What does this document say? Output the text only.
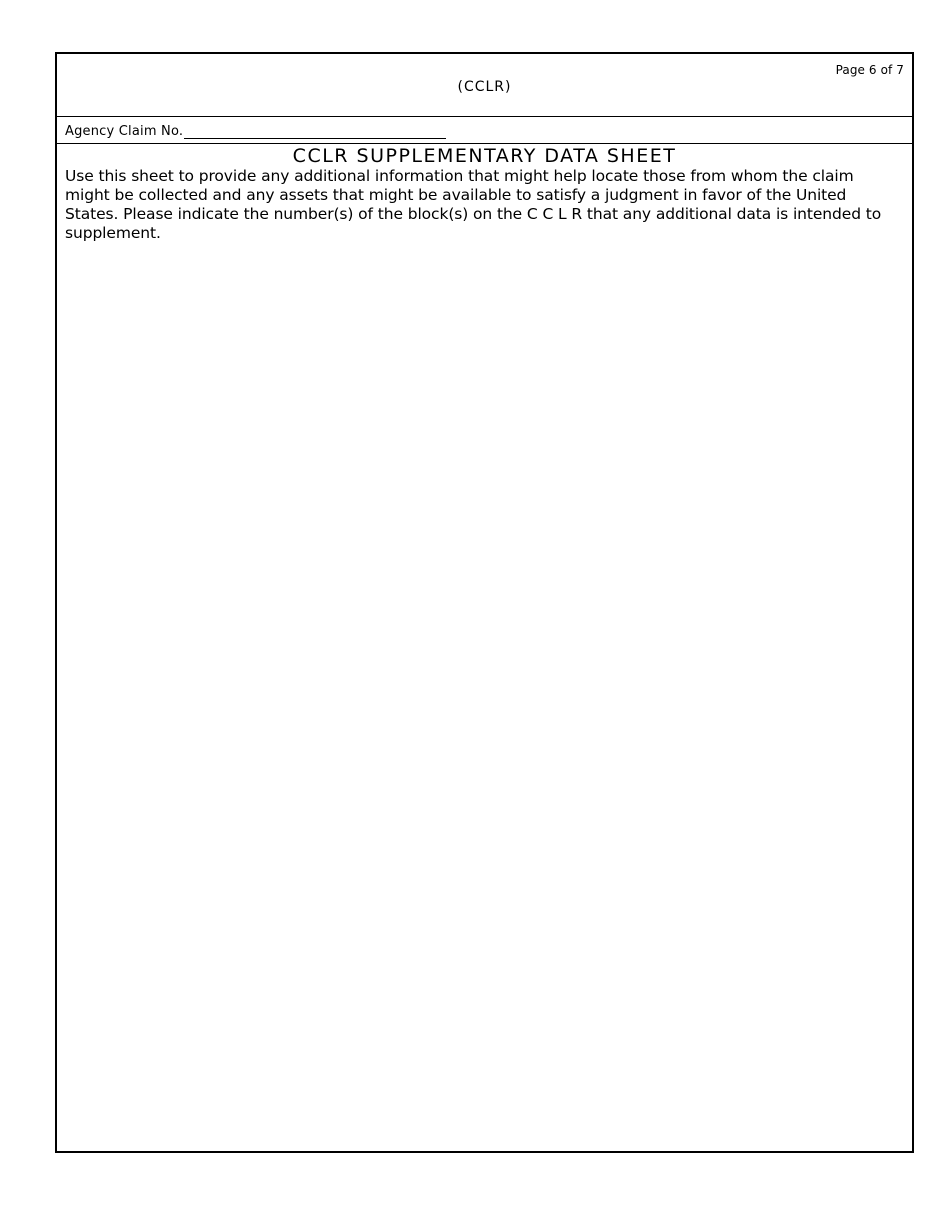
Page 6 of 7
(CCLR)
Agency Claim No.
CCLR SUPPLEMENTARY DATA SHEET
Use this sheet to provide any additional information that might help locate those from whom the claim might be collected and any assets that might be available to satisfy a judgment in favor of the United States. Please indicate the number(s) of the block(s) on the C C L R that any additional data is intended to supplement.
